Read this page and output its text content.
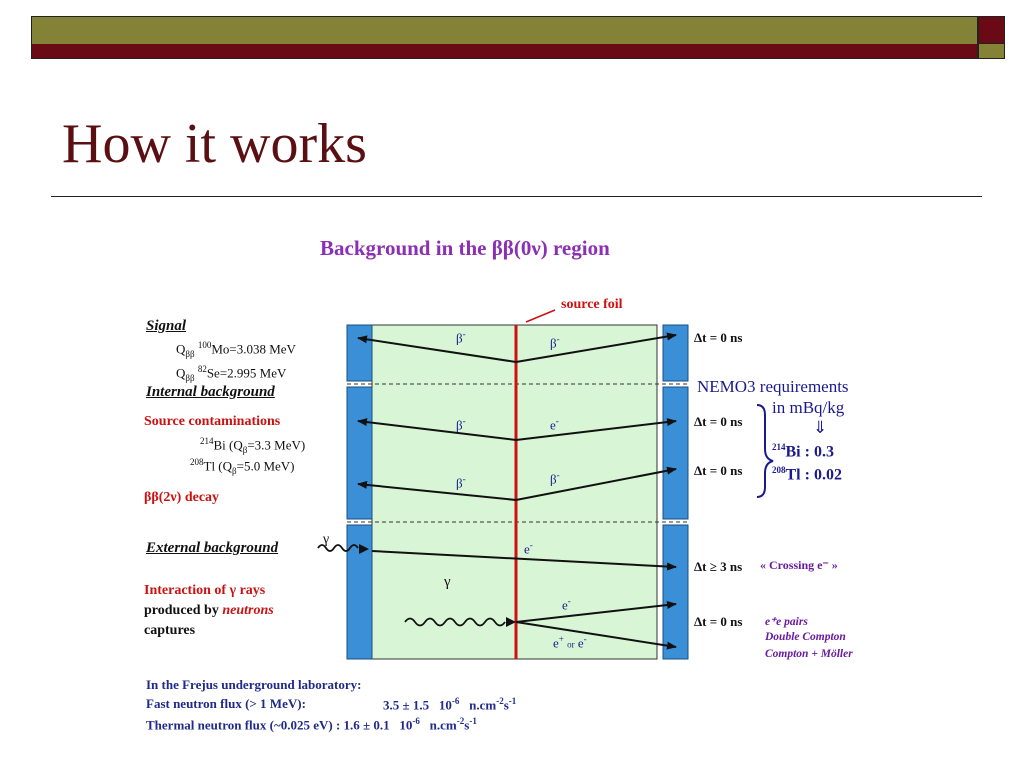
How it works
Background in the ββ(0ν) region
source foil
Signal
$Q_{\beta\beta}$ $^{100}$Mo=3.038 MeV
$Q_{\beta\beta}$ $^{82}$Se=2.995 MeV
Internal background
Source contaminations
$^{214}$Bi ($Q_\beta=3.3$ MeV)
$^{208}$Tl ($Q_\beta=5.0$ MeV)
ββ(2ν) decay
External background
Interaction of γ rays
produced by neutrons
captures
γ
γ
β-
β-
β-	e-
β-	β-
e-
e-
e+ or e-
Δt = 0 ns
Δt = 0 ns
Δt = 0 ns
Δt ≥ 3 ns « Crossing e⁻ »
Δt = 0 ns e⁺e pairs
Double Compton
Compton + Möller
NEMO3 requirements
in mBq/kg
⇓
$^{214}$Bi : 0.3
$^{208}$Tl : 0.02
In the Frejus underground laboratory:
Fast neutron flux (> 1 MeV):	3.5 ± 1.5 $10^{-6}$ $n.cm^{-2}s^{-1}$
Thermal neutron flux (~0.025 eV) : 1.6 ± 0.1 $10^{-6}$ $n.cm^{-2}s^{-1}$
